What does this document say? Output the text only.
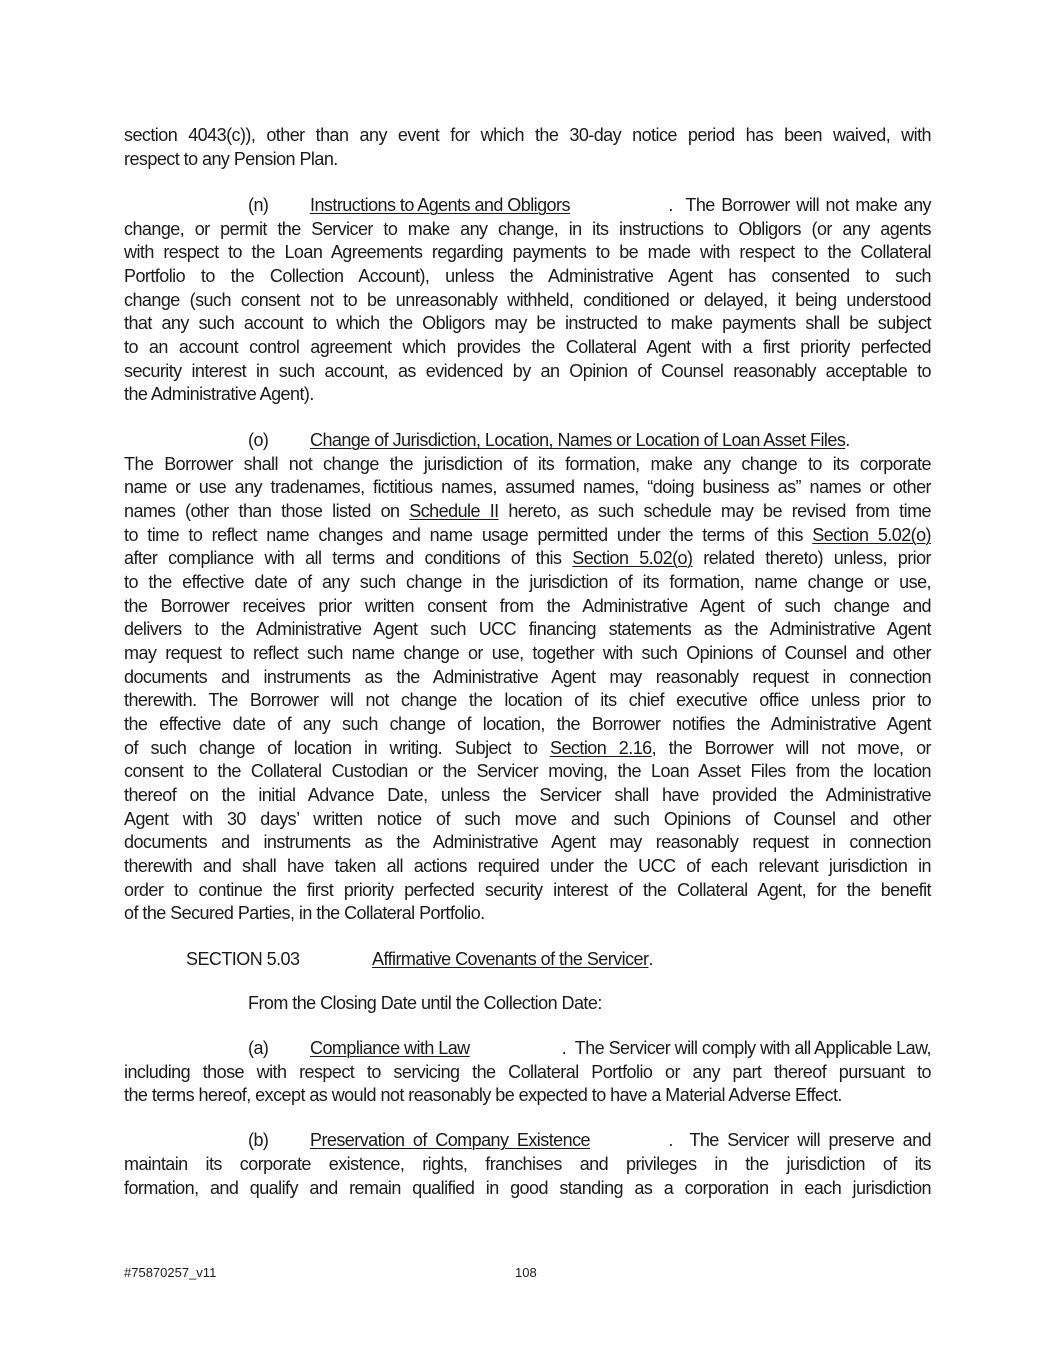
section 4043(c)), other than any event for which the 30-day notice period has been waived, with
respect to any Pension Plan.
(n)	Instructions to Agents and Obligors	.  The Borrower will not make any
change, or permit the Servicer to make any change, in its instructions to Obligors (or any agents
with respect to the Loan Agreements regarding payments to be made with respect to the Collateral
Portfolio to the Collection Account), unless the Administrative Agent has consented to such
change (such consent not to be unreasonably withheld, conditioned or delayed, it being understood
that any such account to which the Obligors may be instructed to make payments shall be subject
to an account control agreement which provides the Collateral Agent with a first priority perfected
security interest in such account, as evidenced by an Opinion of Counsel reasonably acceptable to
the Administrative Agent).
(o)	Change of Jurisdiction, Location, Names or Location of Loan Asset Files .
The Borrower shall not change the jurisdiction of its formation, make any change to its corporate
name or use any tradenames, fictitious names, assumed names, “doing business as” names or other
names (other than those listed on Schedule II hereto, as such schedule may be revised from time
to time to reflect name changes and name usage permitted under the terms of this Section 5.02(o)
after compliance with all terms and conditions of this Section 5.02(o) related thereto) unless, prior
to the effective date of any such change in the jurisdiction of its formation, name change or use,
the Borrower receives prior written consent from the Administrative Agent of such change and
delivers to the Administrative Agent such UCC financing statements as the Administrative Agent
may request to reflect such name change or use, together with such Opinions of Counsel and other
documents and instruments as the Administrative Agent may reasonably request in connection
therewith. The Borrower will not change the location of its chief executive office unless prior to
the effective date of any such change of location, the Borrower notifies the Administrative Agent
of such change of location in writing. Subject to Section 2.16, the Borrower will not move, or
consent to the Collateral Custodian or the Servicer moving, the Loan Asset Files from the location
thereof on the initial Advance Date, unless the Servicer shall have provided the Administrative
Agent with 30 days’ written notice of such move and such Opinions of Counsel and other
documents and instruments as the Administrative Agent may reasonably request in connection
therewith and shall have taken all actions required under the UCC of each relevant jurisdiction in
order to continue the first priority perfected security interest of the Collateral Agent, for the benefit
of the Secured Parties, in the Collateral Portfolio.
SECTION 5.03	Affirmative Covenants of the Servicer .
From the Closing Date until the Collection Date:
(a)	Compliance with Law	.  The Servicer will comply with all Applicable Law,
including those with respect to servicing the Collateral Portfolio or any part thereof pursuant to
the terms hereof, except as would not reasonably be expected to have a Material Adverse Effect.
(b)	Preservation of Company Existence	.  The Servicer will preserve and
maintain its corporate existence, rights, franchises and privileges in the jurisdiction of its
formation, and qualify and remain qualified in good standing as a corporation in each jurisdiction
#75870257_v11	108
